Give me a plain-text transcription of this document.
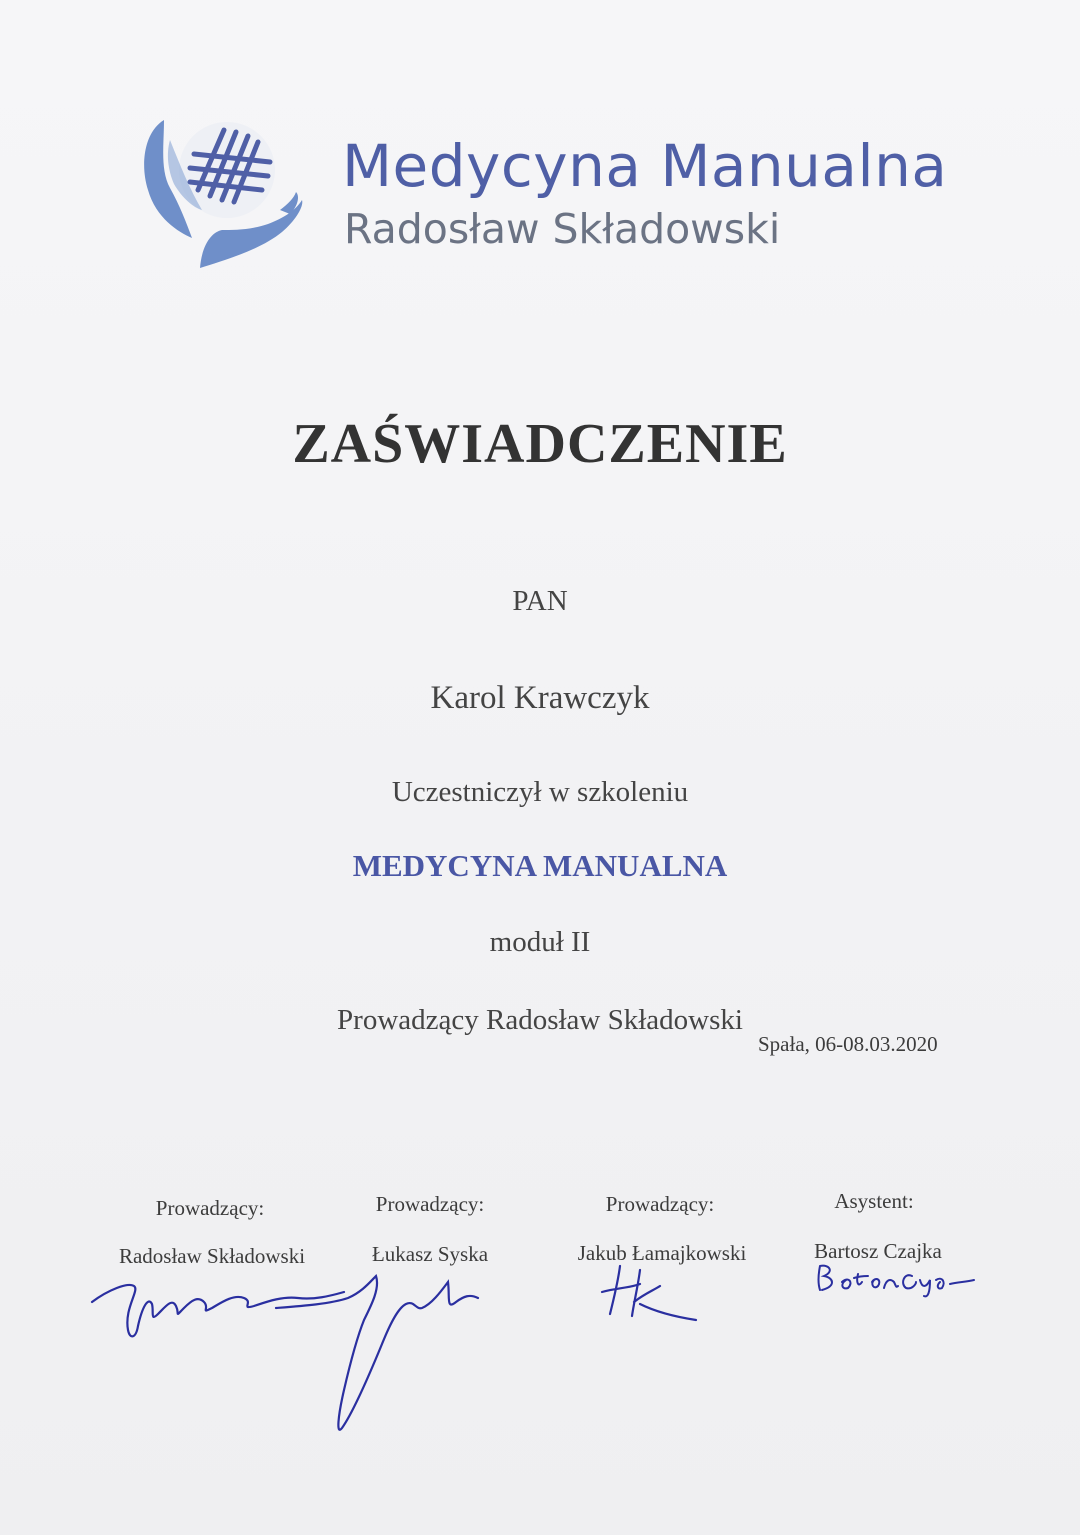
Medycyna Manualna
Radosław Składowski
ZAŚWIADCZENIE
PAN
Karol Krawczyk
Uczestniczył w szkoleniu
MEDYCYNA MANUALNA
moduł II
Prowadzący Radosław Składowski
Prowadzący:
Radosław Składowski
Prowadzący:
Łukasz Syska
Prowadzący:
Jakub Łamajkowski
Asystent:
Bartosz Czajka
Spała, 06-08.03.2020
